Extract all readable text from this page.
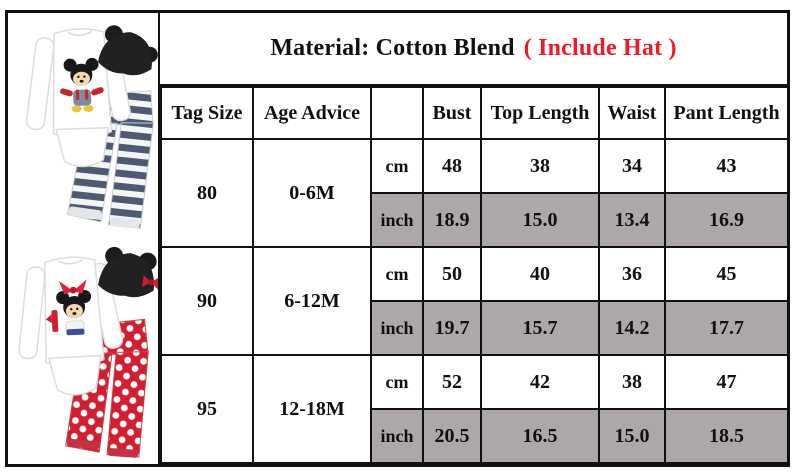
Material: Cotton Blend ( Include Hat )
Tag Size	Age Advice		Bust	Top Length	Waist	Pant Length
80	0-6M	cm	48	38	34	43
		inch	18.9	15.0	13.4	16.9
90	6-12M	cm	50	40	36	45
		inch	19.7	15.7	14.2	17.7
95	12-18M	cm	52	42	38	47
		inch	20.5	16.5	15.0	18.5
